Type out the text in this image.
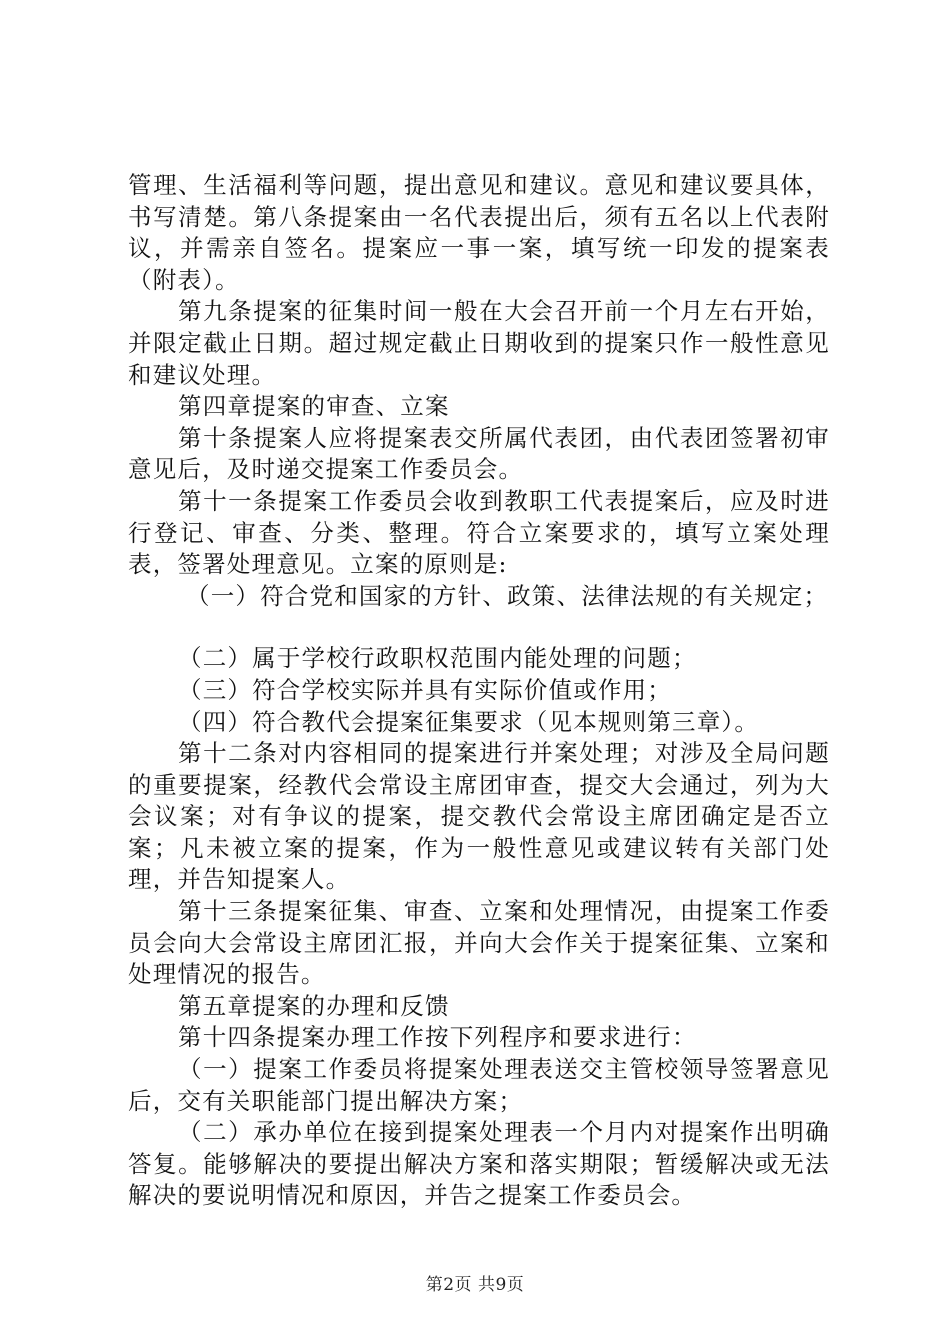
管理、生活福利等问题，提出意见和建议。意见和建议要具体，书写清楚。第八条提案由一名代表提出后，须有五名以上代表附议，并需亲自签名。提案应一事一案，填写统一印发的提案表（附表）。

第九条提案的征集时间一般在大会召开前一个月左右开始，并限定截止日期。超过规定截止日期收到的提案只作一般性意见和建议处理。

第四章提案的审查、立案

第十条提案人应将提案表交所属代表团，由代表团签署初审意见后，及时递交提案工作委员会。

第十一条提案工作委员会收到教职工代表提案后，应及时进行登记、审查、分类、整理。符合立案要求的，填写立案处理表，签署处理意见。立案的原则是:

（一）符合党和国家的方针、政策、法律法规的有关规定；

（二）属于学校行政职权范围内能处理的问题；

（三）符合学校实际并具有实际价值或作用；

（四）符合教代会提案征集要求（见本规则第三章）。

第十二条对内容相同的提案进行并案处理；对涉及全局问题的重要提案，经教代会常设主席团审查，提交大会通过，列为大会议案；对有争议的提案，提交教代会常设主席团确定是否立案；凡未被立案的提案，作为一般性意见或建议转有关部门处理，并告知提案人。

第十三条提案征集、审查、立案和处理情况，由提案工作委员会向大会常设主席团汇报，并向大会作关于提案征集、立案和处理情况的报告。

第五章提案的办理和反馈

第十四条提案办理工作按下列程序和要求进行：

（一）提案工作委员将提案处理表送交主管校领导签署意见后，交有关职能部门提出解决方案；

（二）承办单位在接到提案处理表一个月内对提案作出明确答复。能够解决的要提出解决方案和落实期限；暂缓解决或无法解决的要说明情况和原因，并告之提案工作委员会。

第2页 共9页
